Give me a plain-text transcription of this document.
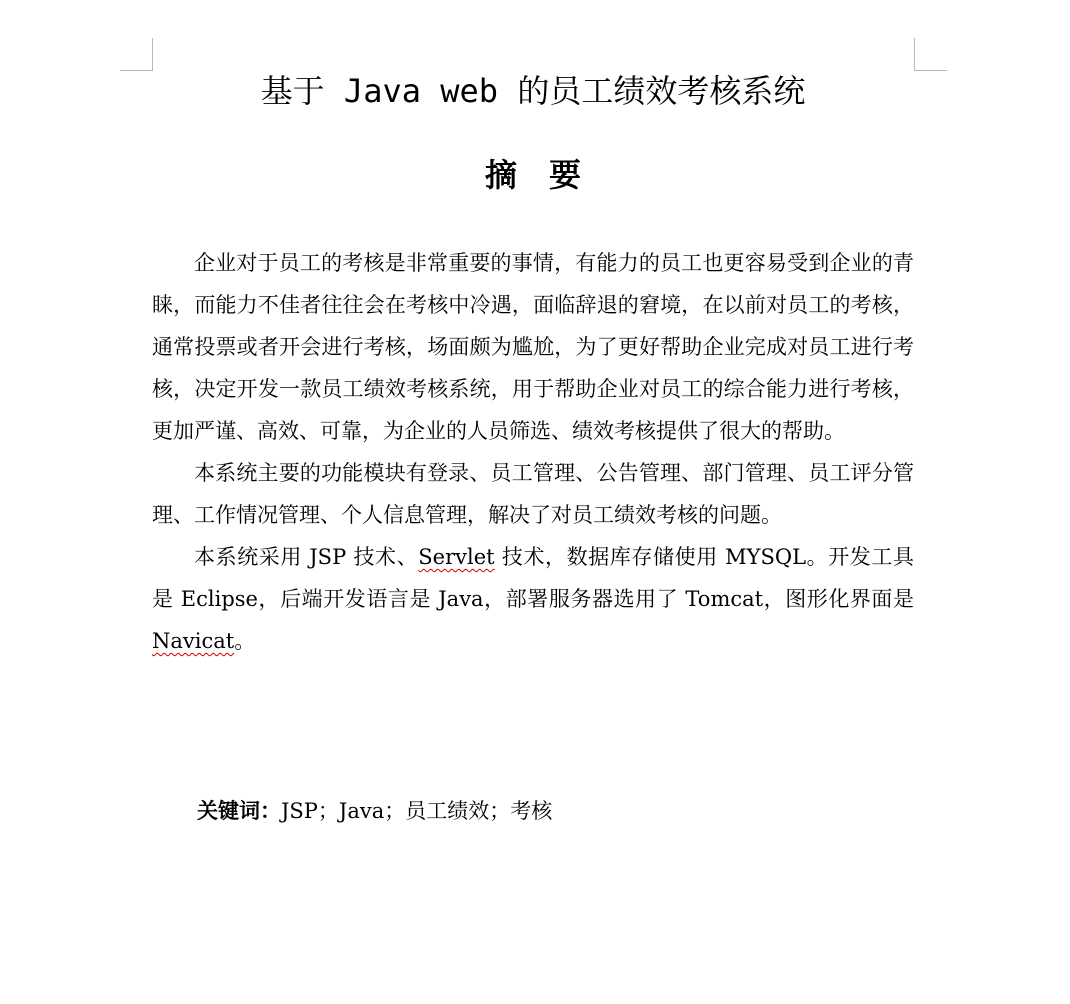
基于 Java web 的员工绩效考核系统
摘要

企业对于员工的考核是非常重要的事情，有能力的员工也更容易受到企业的青睐，而能力不佳者往往会在考核中冷遇，面临辞退的窘境，在以前对员工的考核，通常投票或者开会进行考核，场面颇为尴尬，为了更好帮助企业完成对员工进行考核，决定开发一款员工绩效考核系统，用于帮助企业对员工的综合能力进行考核，更加严谨、高效、可靠，为企业的人员筛选、绩效考核提供了很大的帮助。

本系统主要的功能模块有登录、员工管理、公告管理、部门管理、员工评分管理、工作情况管理、个人信息管理，解决了对员工绩效考核的问题。

本系统采用 JSP 技术、Servlet 技术，数据库存储使用 MYSQL。开发工具是 Eclipse，后端开发语言是 Java，部署服务器选用了 Tomcat，图形化界面是 Navicat。

关键词：JSP；Java；员工绩效；考核
